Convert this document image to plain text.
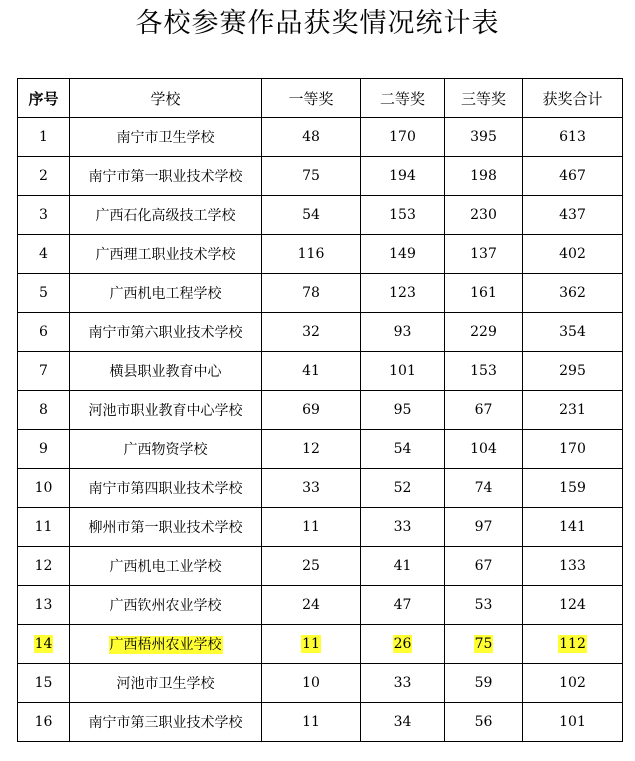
各校参赛作品获奖情况统计表
序号	学校	一等奖	二等奖	三等奖	获奖合计
1	南宁市卫生学校	48	170	395	613
2	南宁市第一职业技术学校	75	194	198	467
3	广西石化高级技工学校	54	153	230	437
4	广西理工职业技术学校	116	149	137	402
5	广西机电工程学校	78	123	161	362
6	南宁市第六职业技术学校	32	93	229	354
7	横县职业教育中心	41	101	153	295
8	河池市职业教育中心学校	69	95	67	231
9	广西物资学校	12	54	104	170
10	南宁市第四职业技术学校	33	52	74	159
11	柳州市第一职业技术学校	11	33	97	141
12	广西机电工业学校	25	41	67	133
13	广西钦州农业学校	24	47	53	124
14	广西梧州农业学校	11	26	75	112
15	河池市卫生学校	10	33	59	102
16	南宁市第三职业技术学校	11	34	56	101
